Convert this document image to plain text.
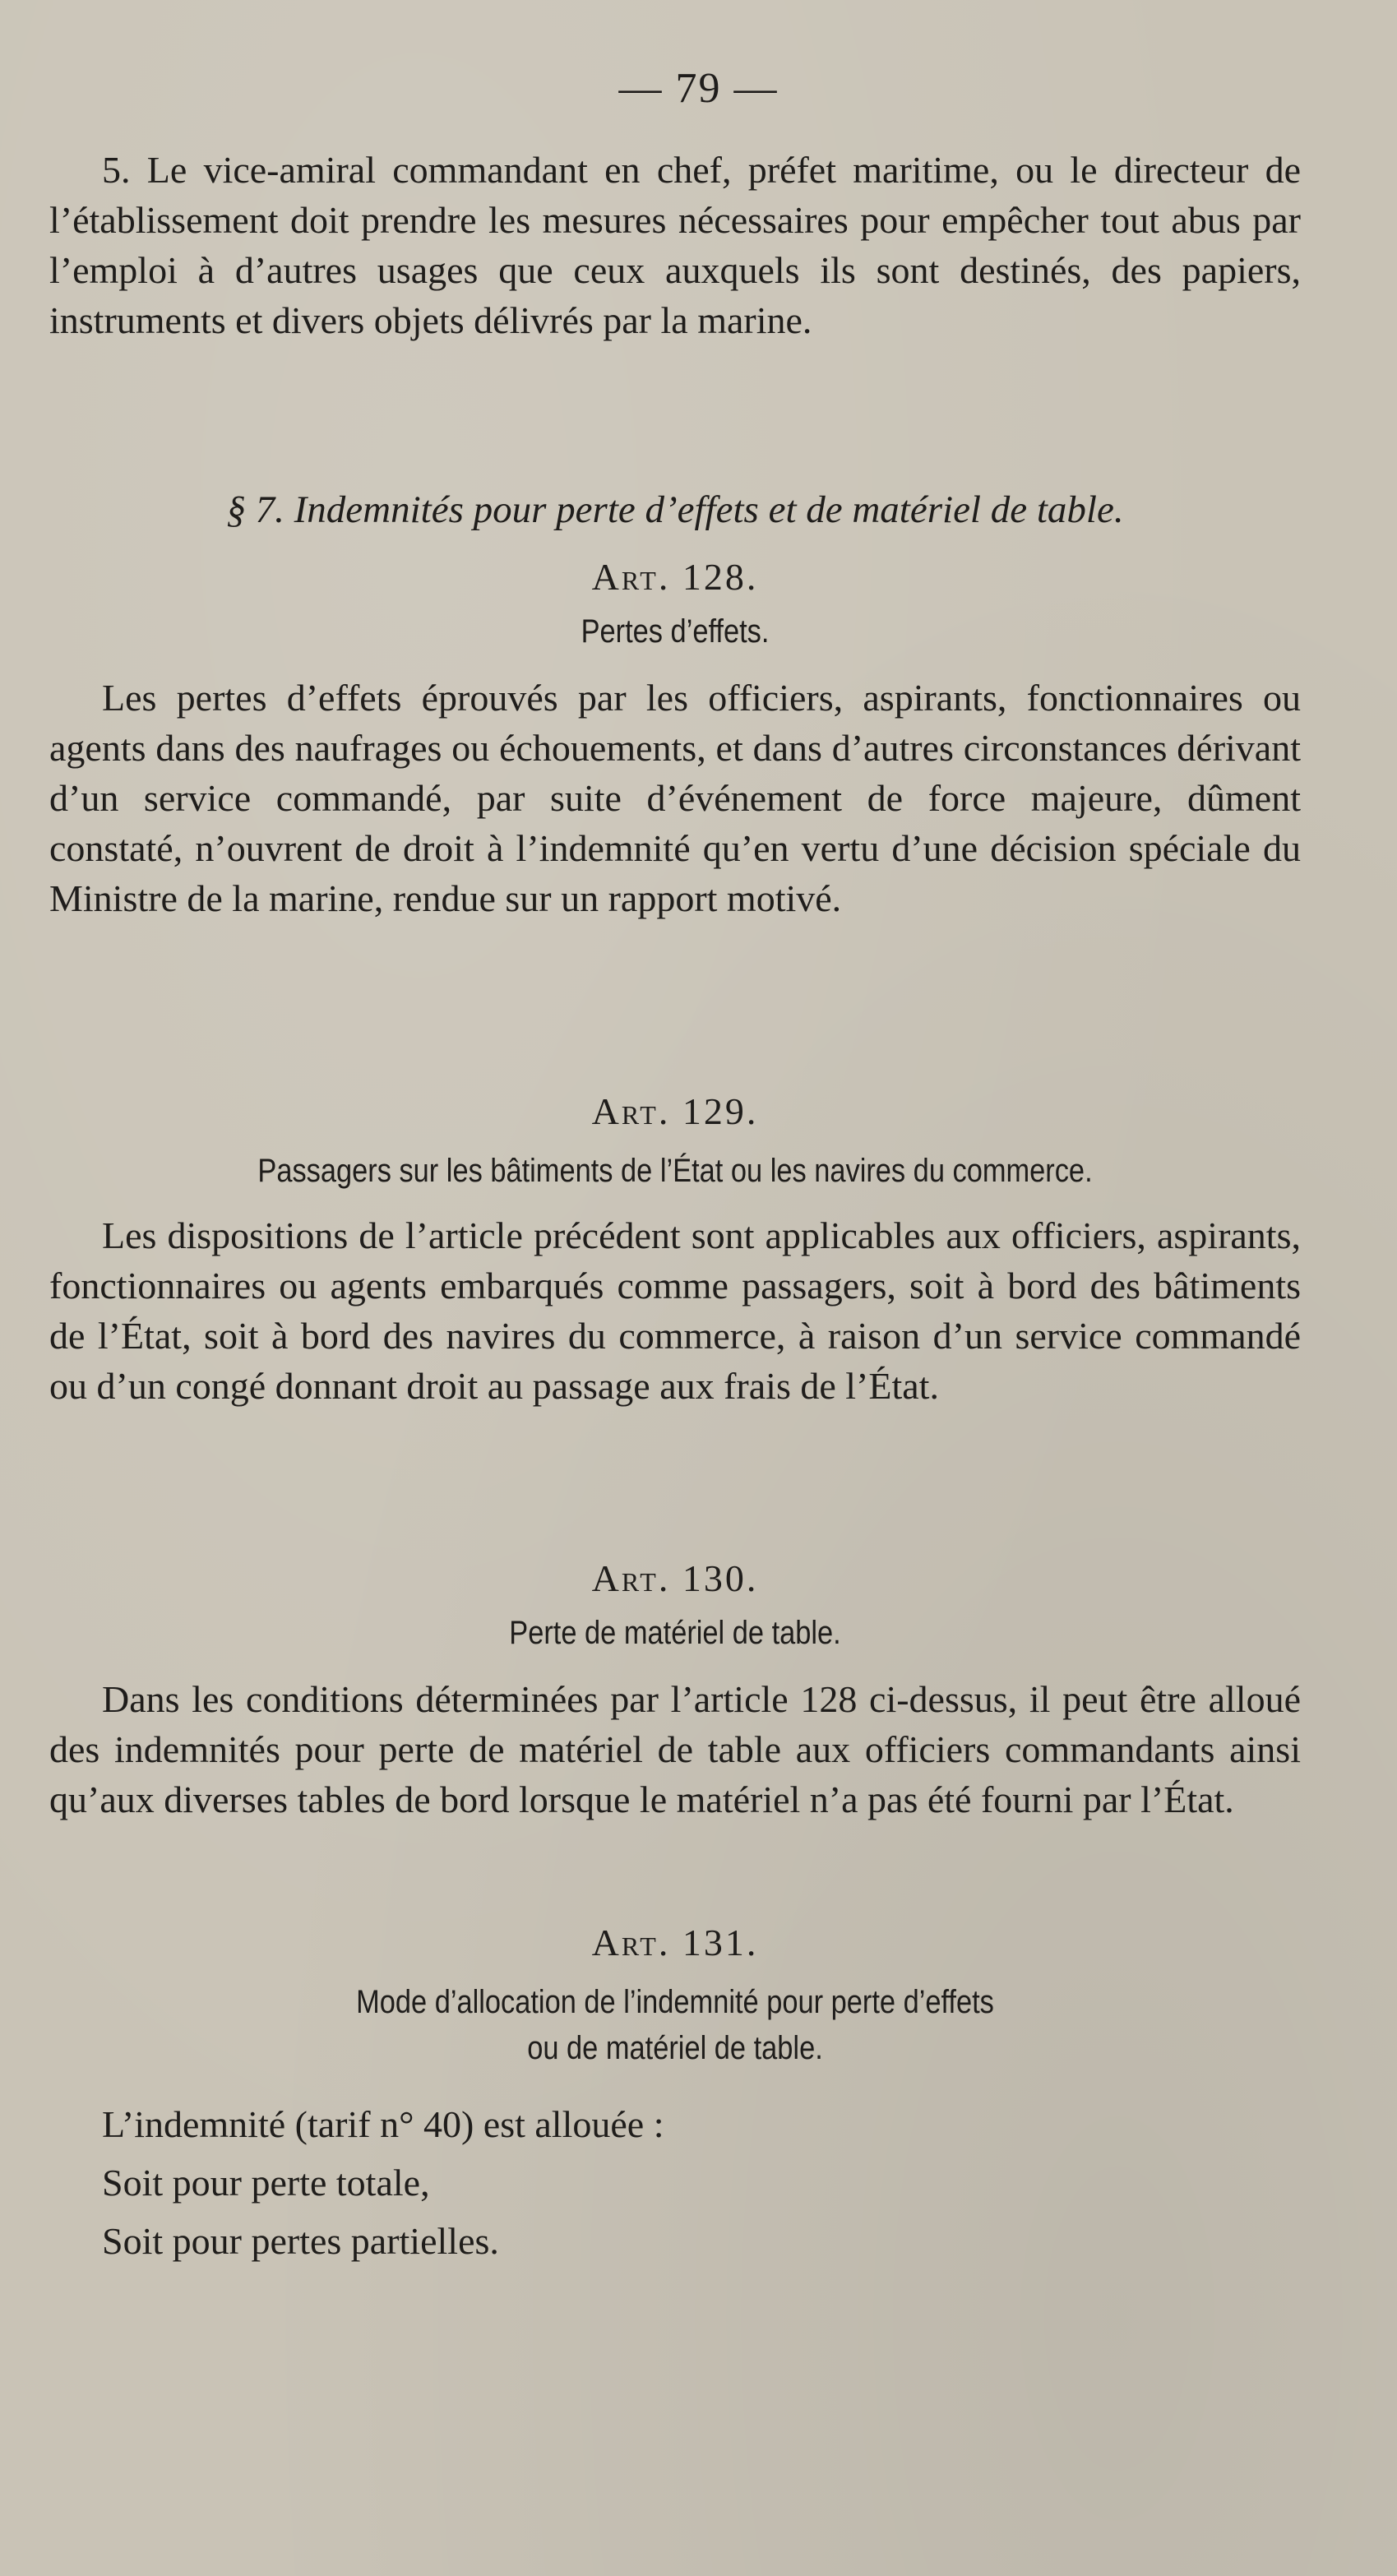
— 79 —

5. Le vice-amiral commandant en chef, préfet maritime, ou le directeur de l’établissement doit prendre les mesures nécessaires pour empêcher tout abus par l’emploi à d’autres usages que ceux auxquels ils sont destinés, des papiers, instruments et divers objets délivrés par la marine.

§ 7. Indemnités pour perte d’effets et de matériel de table.

Art. 128.

Pertes d’effets.

Les pertes d’effets éprouvés par les officiers, aspirants, fonctionnaires ou agents dans des naufrages ou échouements, et dans d’autres circonstances dérivant d’un service commandé, par suite d’événement de force majeure, dûment constaté, n’ouvrent de droit à l’indemnité qu’en vertu d’une décision spéciale du Ministre de la marine, rendue sur un rapport motivé.

Art. 129.

Passagers sur les bâtiments de l’État ou les navires du commerce.

Les dispositions de l’article précédent sont applicables aux officiers, aspirants, fonctionnaires ou agents embarqués comme passagers, soit à bord des bâtiments de l’État, soit à bord des navires du commerce, à raison d’un service commandé ou d’un congé donnant droit au passage aux frais de l’État.

Art. 130.

Perte de matériel de table.

Dans les conditions déterminées par l’article 128 ci-dessus, il peut être alloué des indemnités pour perte de matériel de table aux officiers commandants ainsi qu’aux diverses tables de bord lorsque le matériel n’a pas été fourni par l’État.

Art. 131.

Mode d’allocation de l’indemnité pour perte d’effets

ou de matériel de table.

L’indemnité (tarif n° 40) est allouée :

Soit pour perte totale,

Soit pour pertes partielles.
